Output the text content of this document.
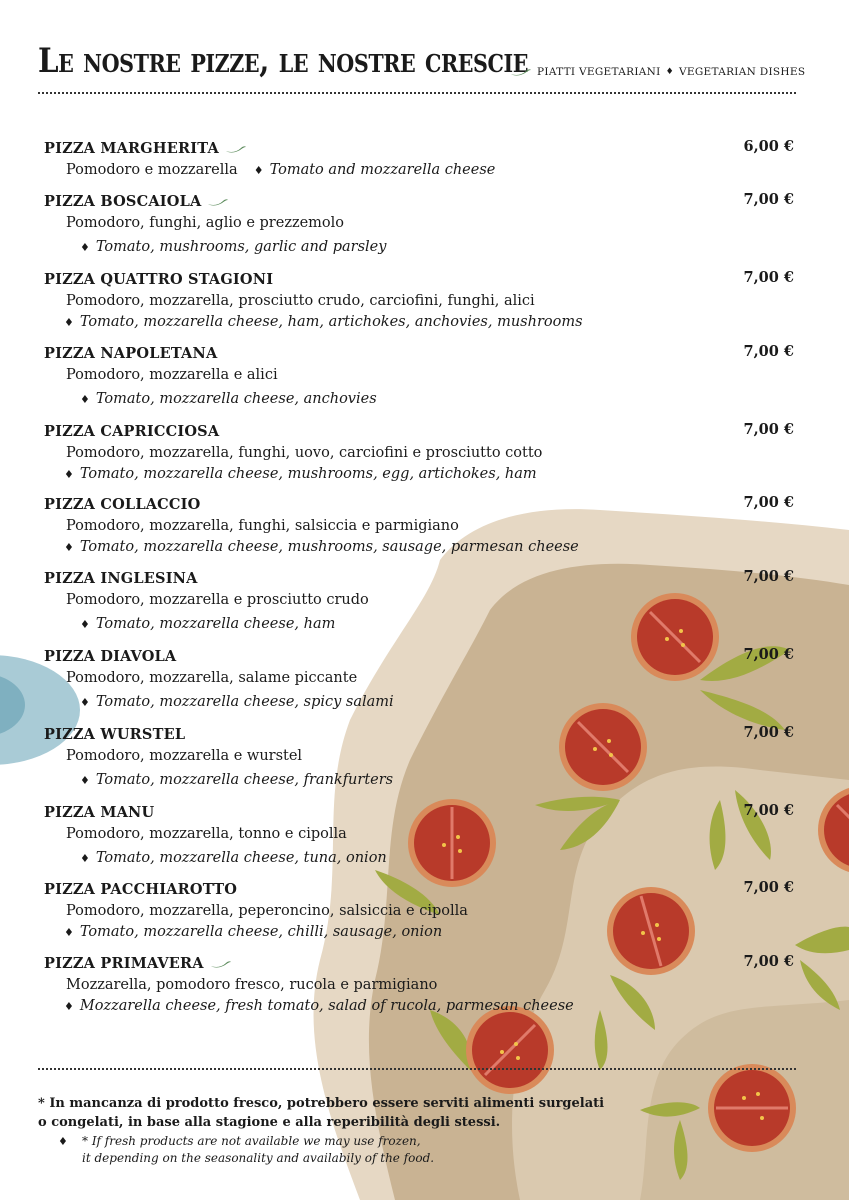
Le nostre pizze, le nostre crescie PIATTI VEGETARIANI ♦ VEGETARIAN DISHES
PIZZA MARGHERITA	6,00 €
Pomodoro e mozzarella ♦ Tomato and mozzarella cheese
PIZZA BOSCAIOLA	7,00 €
Pomodoro, funghi, aglio e prezzemolo
♦ Tomato, mushrooms, garlic and parsley
PIZZA QUATTRO STAGIONI	7,00 €
Pomodoro, mozzarella, prosciutto crudo, carciofini, funghi, alici
♦ Tomato, mozzarella cheese, ham, artichokes, anchovies, mushrooms
PIZZA NAPOLETANA	7,00 €
Pomodoro, mozzarella e alici
♦ Tomato, mozzarella cheese, anchovies
PIZZA CAPRICCIOSA	7,00 €
Pomodoro, mozzarella, funghi, uovo, carciofini e prosciutto cotto
♦ Tomato, mozzarella cheese, mushrooms, egg, artichokes, ham
PIZZA COLLACCIO	7,00 €
Pomodoro, mozzarella, funghi, salsiccia e parmigiano
♦ Tomato, mozzarella cheese, mushrooms, sausage, parmesan cheese
PIZZA INGLESINA	7,00 €
Pomodoro, mozzarella e prosciutto crudo
♦ Tomato, mozzarella cheese, ham
PIZZA DIAVOLA	7,00 €
Pomodoro, mozzarella, salame piccante
♦ Tomato, mozzarella cheese, spicy salami
PIZZA WURSTEL	7,00 €
Pomodoro, mozzarella e wurstel
♦ Tomato, mozzarella cheese, frankfurters
PIZZA MANU	7,00 €
Pomodoro, mozzarella, tonno e cipolla
♦ Tomato, mozzarella cheese, tuna, onion
PIZZA PACCHIAROTTO	7,00 €
Pomodoro, mozzarella, peperoncino, salsiccia e cipolla
♦ Tomato, mozzarella cheese, chilli, sausage, onion
PIZZA PRIMAVERA	7,00 €
Mozzarella, pomodoro fresco, rucola e parmigiano
♦ Mozzarella cheese, fresh tomato, salad of rucola, parmesan cheese
* In mancanza di prodotto fresco, potrebbero essere serviti alimenti surgelati
o congelati, in base alla stagione e alla reperibilità degli stessi.
♦ * If fresh products are not available we may use frozen,
it depending on the seasonality and availabily of the food.
